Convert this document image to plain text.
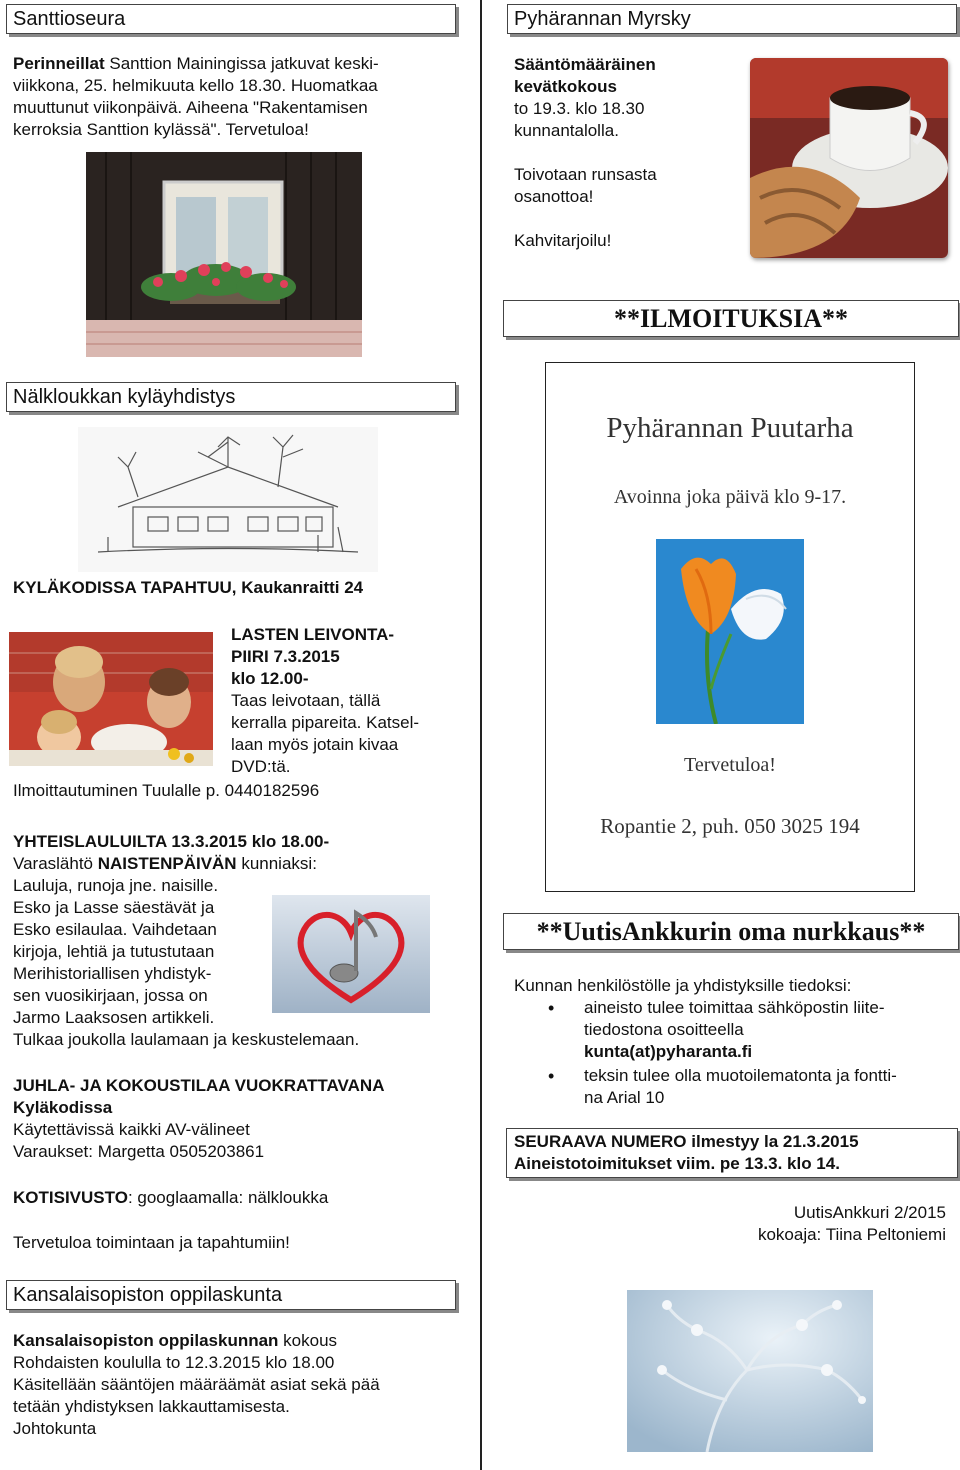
Santtioseura
Perinneillat Santtion Mainingissa jatkuvat keski-
viikkona, 25. helmikuuta kello 18.30. Huomatkaa
muuttunut viikonpäivä. Aiheena "Rakentamisen
kerroksia Santtion kylässä". Tervetuloa!
Nälkloukkan kyläyhdistys
KYLÄKODISSA TAPAHTUU, Kaukanraitti 24
LASTEN LEIVONTA-
PIIRI 7.3.2015
klo 12.00-
Taas leivotaan, tällä
kerralla pipareita. Katsel-
laan myös jotain kivaa
DVD:tä.
Ilmoittautuminen Tuulalle p. 0440182596
YHTEISLAULUILTA 13.3.2015 klo 18.00-
Varaslähtö NAISTENPÄIVÄN kunniaksi:
Lauluja, runoja jne. naisille.
Esko ja Lasse säestävät ja
Esko esilaulaa. Vaihdetaan
kirjoja, lehtiä ja tutustutaan
Merihistoriallisen yhdistyk-
sen vuosikirjaan, jossa on
Jarmo Laaksosen artikkeli.
Tulkaa joukolla laulamaan ja keskustelemaan.
JUHLA- JA KOKOUSTILAA VUOKRATTAVANA
Kyläkodissa
Käytettävissä kaikki AV-välineet
Varaukset: Margetta 0505203861
KOTISIVUSTO: googlaamalla: nälkloukka
Tervetuloa toimintaan ja tapahtumiin!
Kansalaisopiston oppilaskunta
Kansalaisopiston oppilaskunnan kokous
Rohdaisten koululla to 12.3.2015 klo 18.00
Käsitellään sääntöjen määräämät asiat sekä pää
tetään yhdistyksen lakkauttamisesta.
Johtokunta
Pyhärannan Myrsky
Sääntömääräinen
kevätkokous
to 19.3. klo 18.30
kunnantalolla.
Toivotaan runsasta
osanottoa!
Kahvitarjoilu!
**ILMOITUKSIA**
Pyhärannan Puutarha
Avoinna joka päivä klo 9-17.
Tervetuloa!
Ropantie 2, puh. 050 3025 194
**UutisAnkkurin oma nurkkaus**
Kunnan henkilöstölle ja yhdistyksille tiedoksi:
• aineisto tulee toimittaa sähköpostin liite-
tiedostona osoitteella
kunta(at)pyharanta.fi
• teksin tulee olla muotoilematonta ja fontti-
na Arial 10
SEURAAVA NUMERO ilmestyy la 21.3.2015
Aineistotoimitukset viim. pe 13.3. klo 14.
UutisAnkkuri 2/2015
kokoaja: Tiina Peltoniemi
